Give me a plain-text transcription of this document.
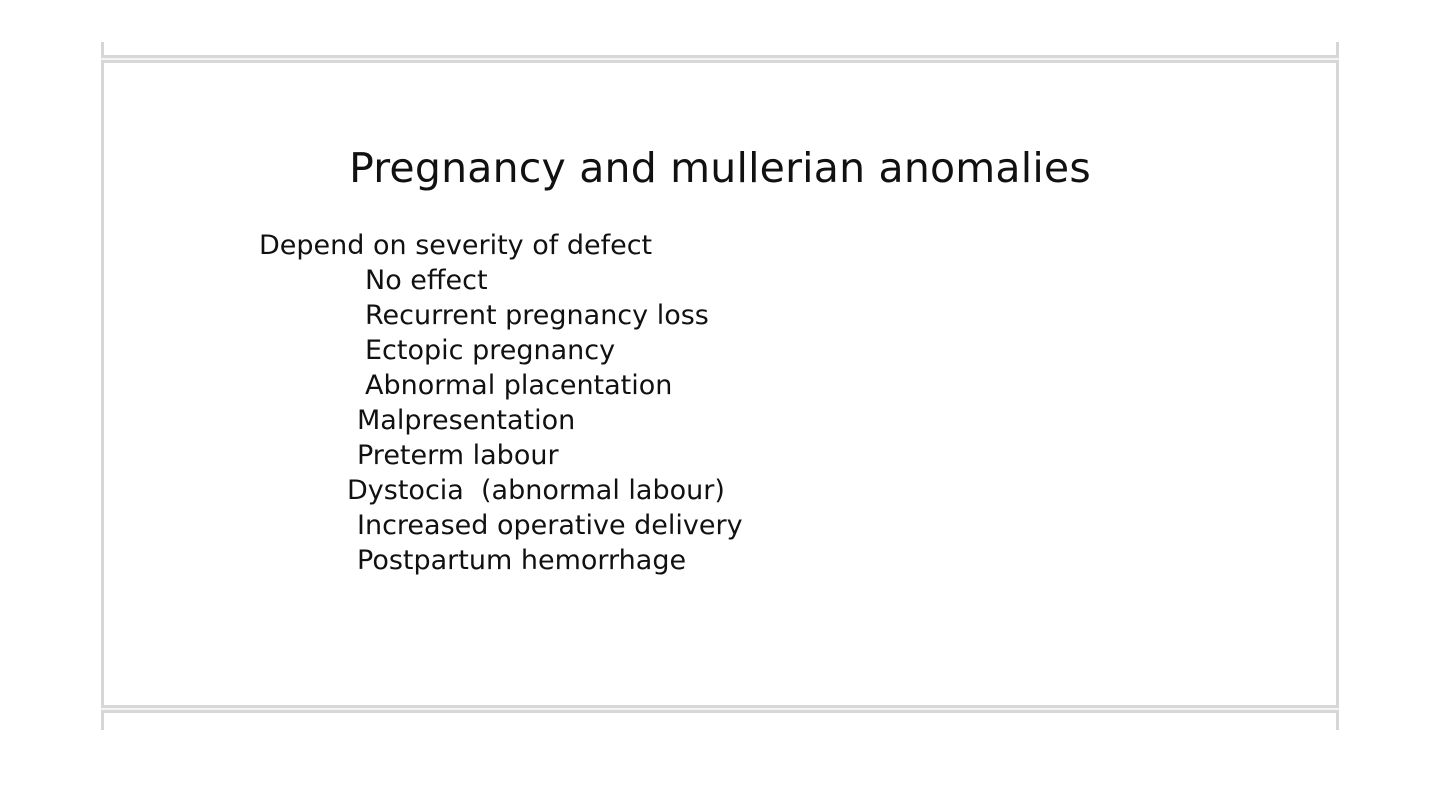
Pregnancy and mullerian anomalies
Depend on severity of defect
No effect
Recurrent pregnancy loss
Ectopic pregnancy
Abnormal placentation
Malpresentation
Preterm labour
Dystocia  (abnormal labour)
Increased operative delivery
Postpartum hemorrhage
